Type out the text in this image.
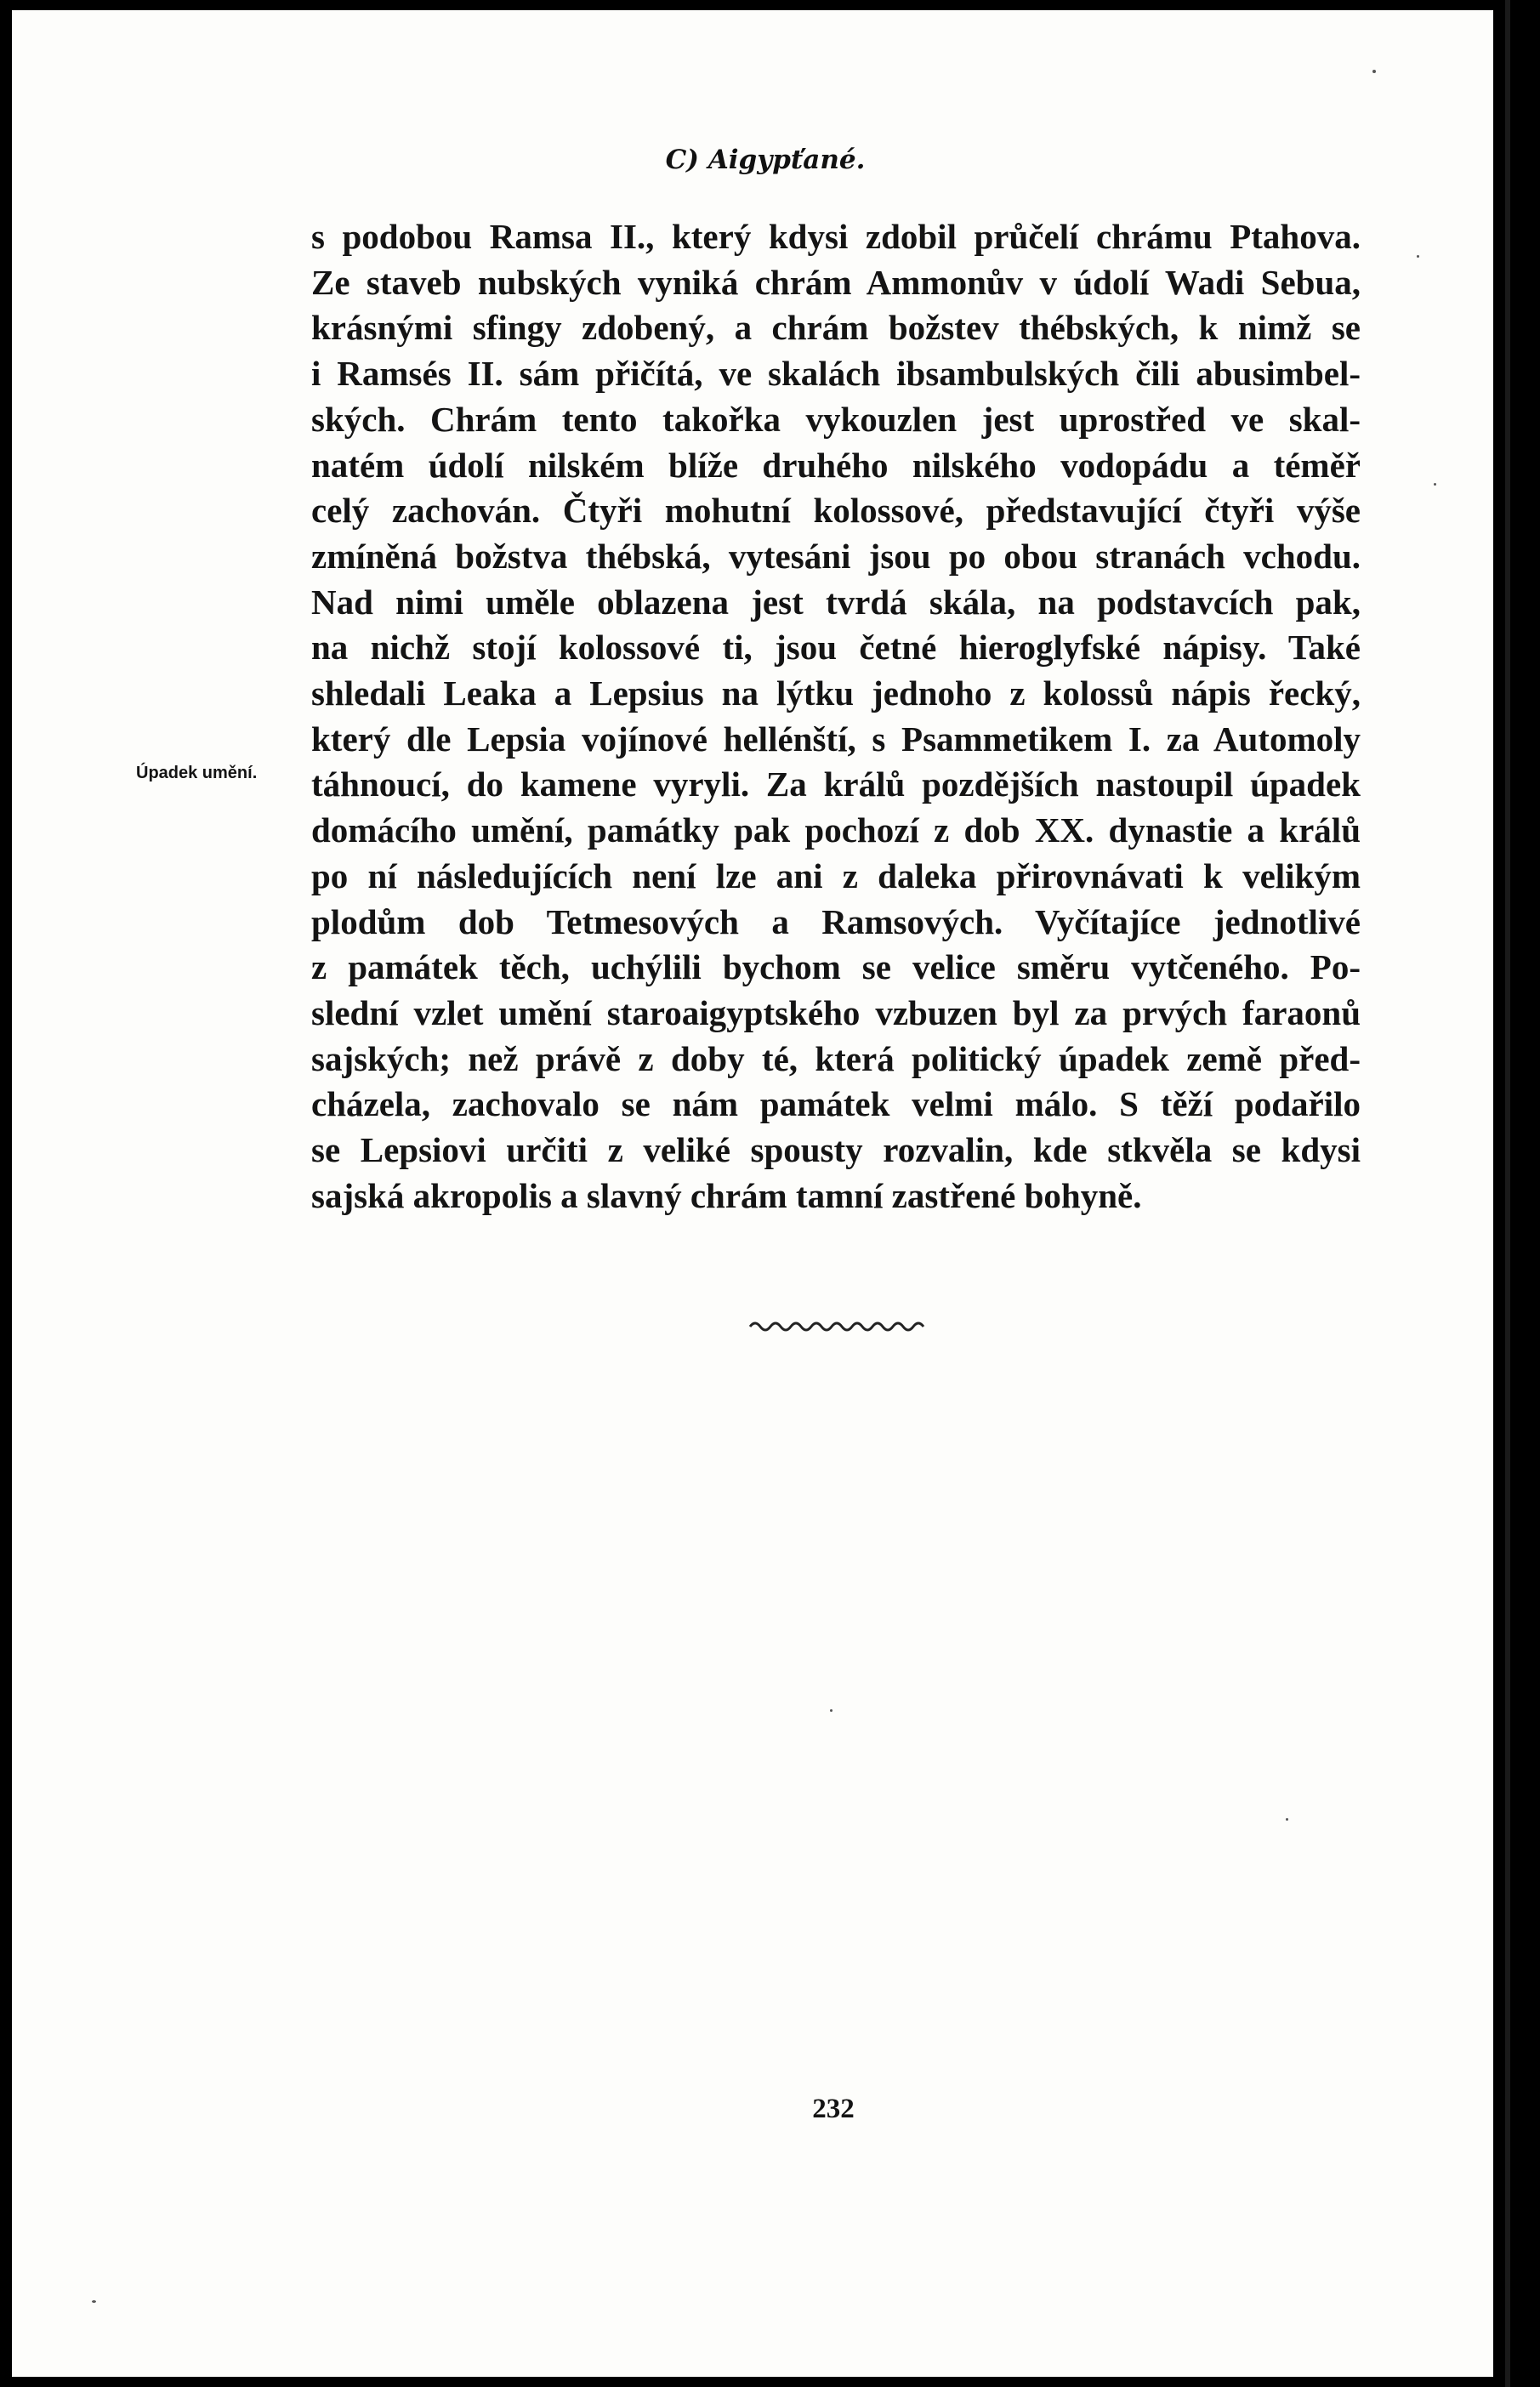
C) Aigypťané.
Úpadek umění.
s podobou Ramsa II., který kdysi zdobil průčelí chrámu Ptahova.
Ze staveb nubských vyniká chrám Ammonův v údolí Wadi Sebua,
krásnými sfingy zdobený, a chrám božstev thébských, k nimž se
i Ramsés II. sám přičítá, ve skalách ibsambulských čili abusimbel-
ských. Chrám tento takořka vykouzlen jest uprostřed ve skal-
natém údolí nilském blíže druhého nilského vodopádu a téměř
celý zachován. Čtyři mohutní kolossové, představující čtyři výše
zmíněná božstva thébská, vytesáni jsou po obou stranách vchodu.
Nad nimi uměle oblazena jest tvrdá skála, na podstavcích pak,
na nichž stojí kolossové ti, jsou četné hieroglyfské nápisy. Také
shledali Leaka a Lepsius na lýtku jednoho z kolossů nápis řecký,
který dle Lepsia vojínové hellénští, s Psammetikem I. za Automoly
táhnoucí, do kamene vyryli. Za králů pozdějších nastoupil úpadek
domácího umění, památky pak pochozí z dob XX. dynastie a králů
po ní následujících není lze ani z daleka přirovnávati k velikým
plodům dob Tetmesových a Ramsových. Vyčítajíce jednotlivé
z památek těch, uchýlili bychom se velice směru vytčeného. Po-
slední vzlet umění staroaigyptského vzbuzen byl za prvých faraonů
sajských; než právě z doby té, která politický úpadek země před-
cházela, zachovalo se nám památek velmi málo. S těží podařilo
se Lepsiovi určiti z veliké spousty rozvalin, kde stkvěla se kdysi
sajská akropolis a slavný chrám tamní zastřené bohyně.
232
